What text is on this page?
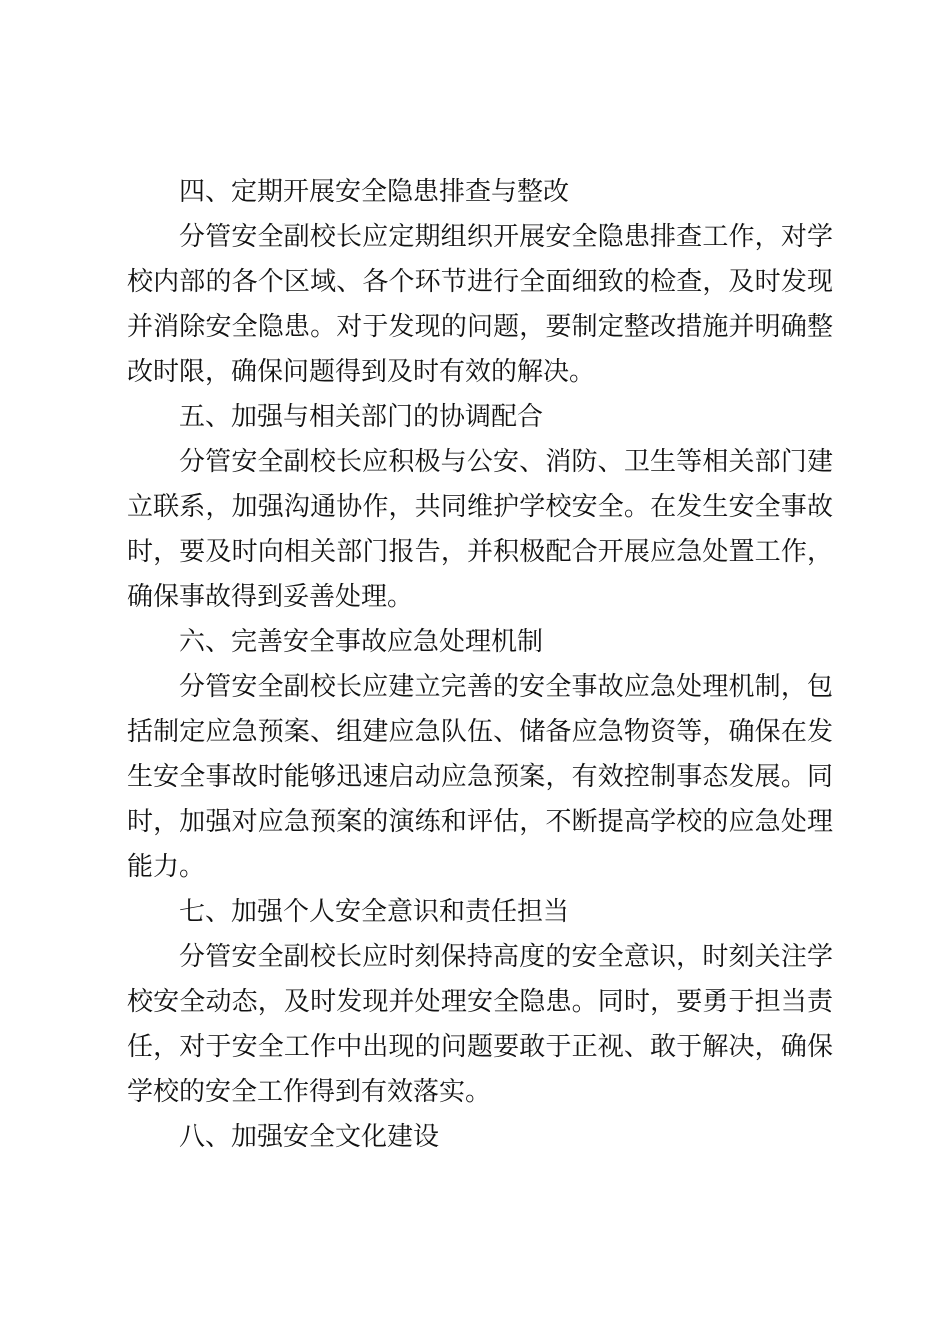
四、定期开展安全隐患排查与整改

分管安全副校长应定期组织开展安全隐患排查工作，对学校内部的各个区域、各个环节进行全面细致的检查，及时发现并消除安全隐患。对于发现的问题，要制定整改措施并明确整改时限，确保问题得到及时有效的解决。

五、加强与相关部门的协调配合

分管安全副校长应积极与公安、消防、卫生等相关部门建立联系，加强沟通协作，共同维护学校安全。在发生安全事故时，要及时向相关部门报告，并积极配合开展应急处置工作，确保事故得到妥善处理。

六、完善安全事故应急处理机制

分管安全副校长应建立完善的安全事故应急处理机制，包括制定应急预案、组建应急队伍、储备应急物资等，确保在发生安全事故时能够迅速启动应急预案，有效控制事态发展。同时，加强对应急预案的演练和评估，不断提高学校的应急处理能力。

七、加强个人安全意识和责任担当

分管安全副校长应时刻保持高度的安全意识，时刻关注学校安全动态，及时发现并处理安全隐患。同时，要勇于担当责任，对于安全工作中出现的问题要敢于正视、敢于解决，确保学校的安全工作得到有效落实。

八、加强安全文化建设
